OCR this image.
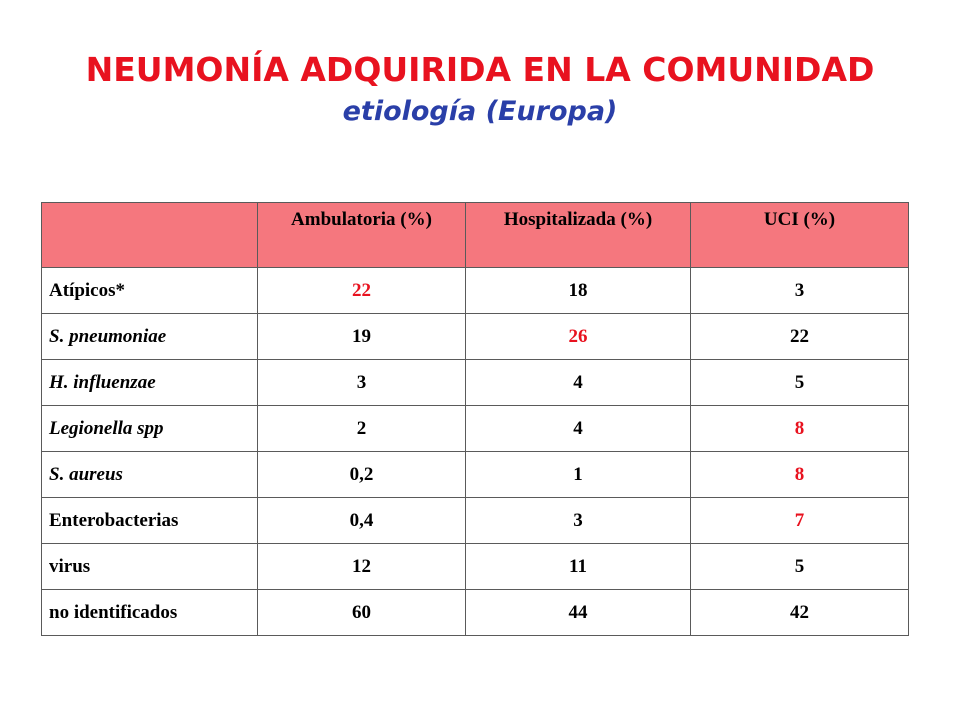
NEUMONÍA ADQUIRIDA EN LA COMUNIDAD
etiología (Europa)
	Ambulatoria (%)	Hospitalizada (%)	UCI (%)
Atípicos*	22	18	3
S. pneumoniae	19	26	22
H. influenzae	3	4	5
Legionella spp	2	4	8
S. aureus	0,2	1	8
Enterobacterias	0,4	3	7
virus	12	11	5
no identificados	60	44	42
